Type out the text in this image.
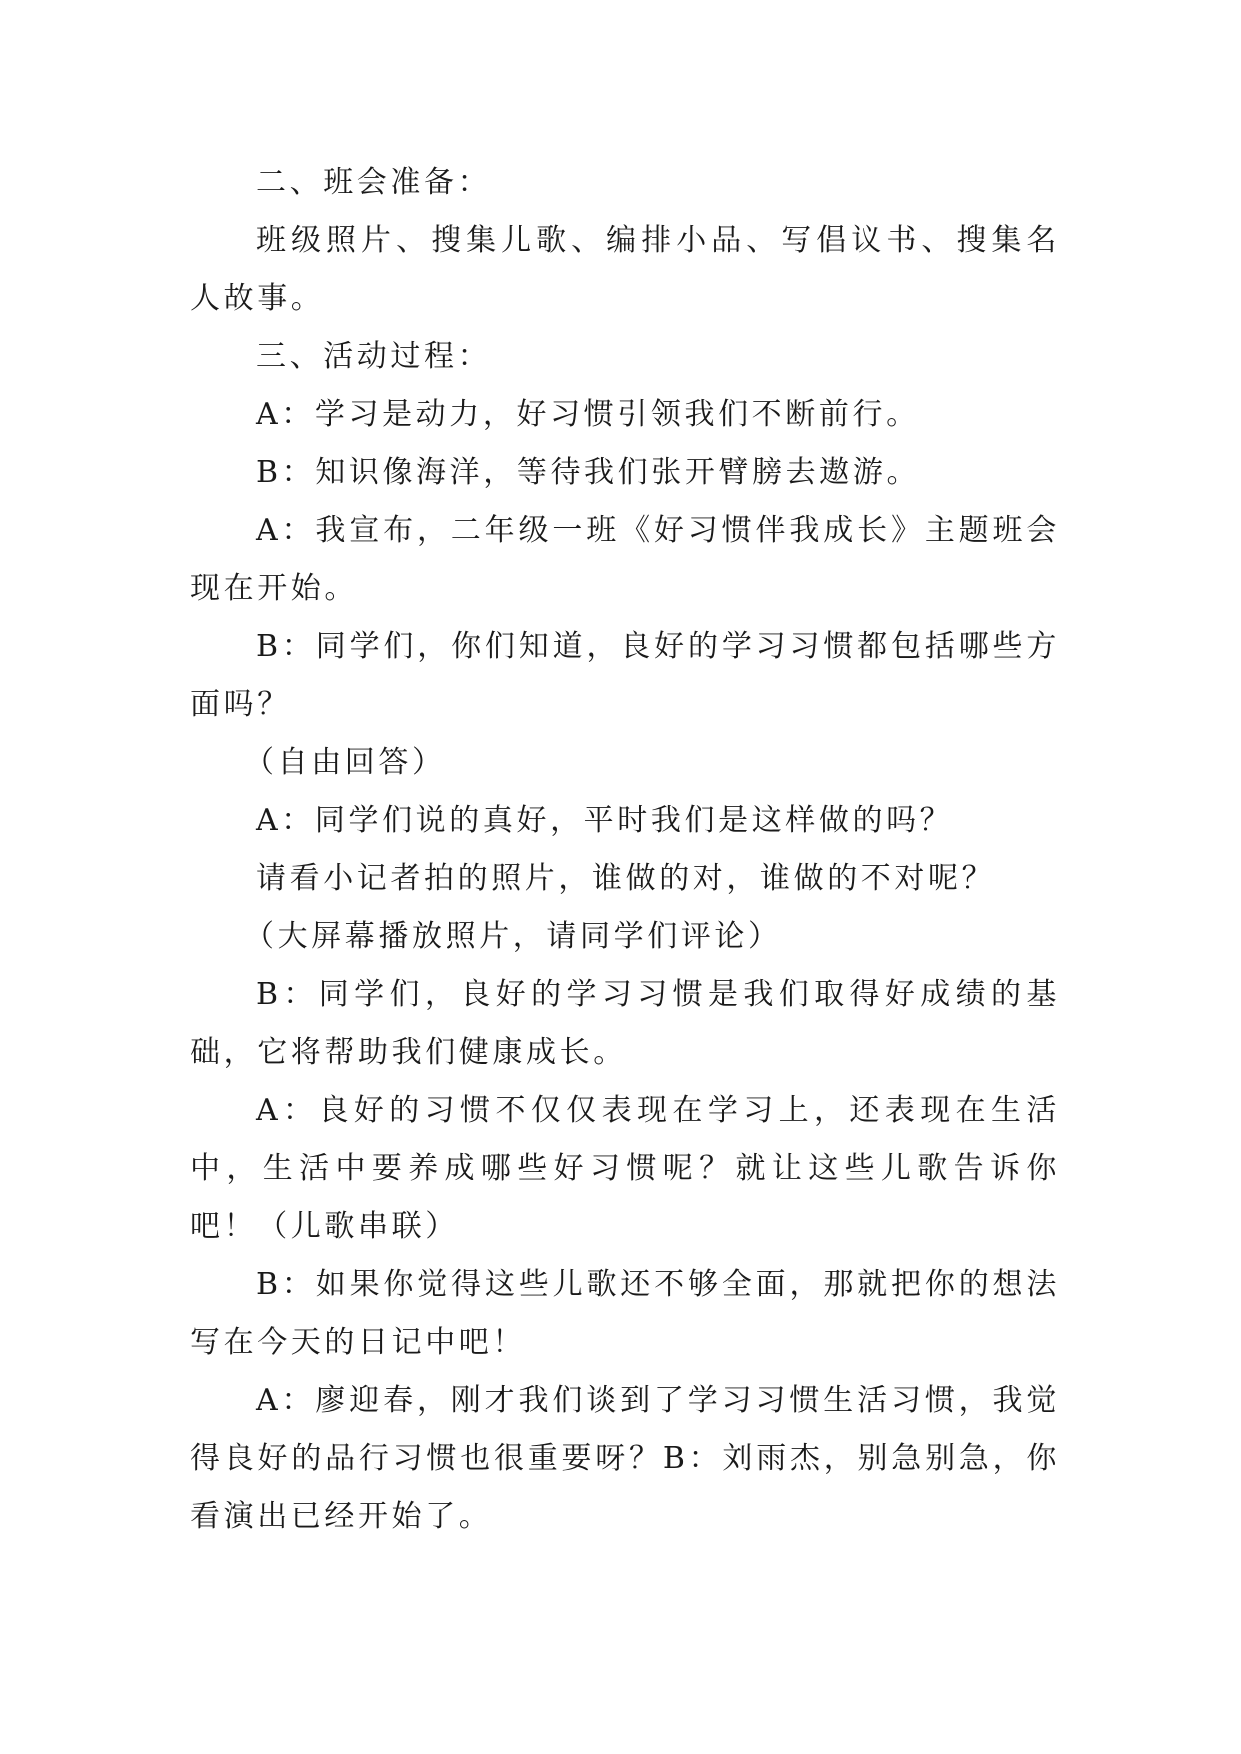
二、班会准备：

班级照片、搜集儿歌、编排小品、写倡议书、搜集名人故事。

三、活动过程：

A：学习是动力，好习惯引领我们不断前行。

B：知识像海洋，等待我们张开臂膀去遨游。

A：我宣布，二年级一班《好习惯伴我成长》主题班会现在开始。

B：同学们，你们知道，良好的学习习惯都包括哪些方面吗？

（自由回答）

A：同学们说的真好，平时我们是这样做的吗？

请看小记者拍的照片，谁做的对，谁做的不对呢？

（大屏幕播放照片，请同学们评论）

B：同学们，良好的学习习惯是我们取得好成绩的基础，它将帮助我们健康成长。

A：良好的习惯不仅仅表现在学习上，还表现在生活中，生活中要养成哪些好习惯呢？就让这些儿歌告诉你吧！（儿歌串联）

B：如果你觉得这些儿歌还不够全面，那就把你的想法写在今天的日记中吧！

A：廖迎春，刚才我们谈到了学习习惯生活习惯，我觉得良好的品行习惯也很重要呀？B：刘雨杰，别急别急，你看演出已经开始了。
